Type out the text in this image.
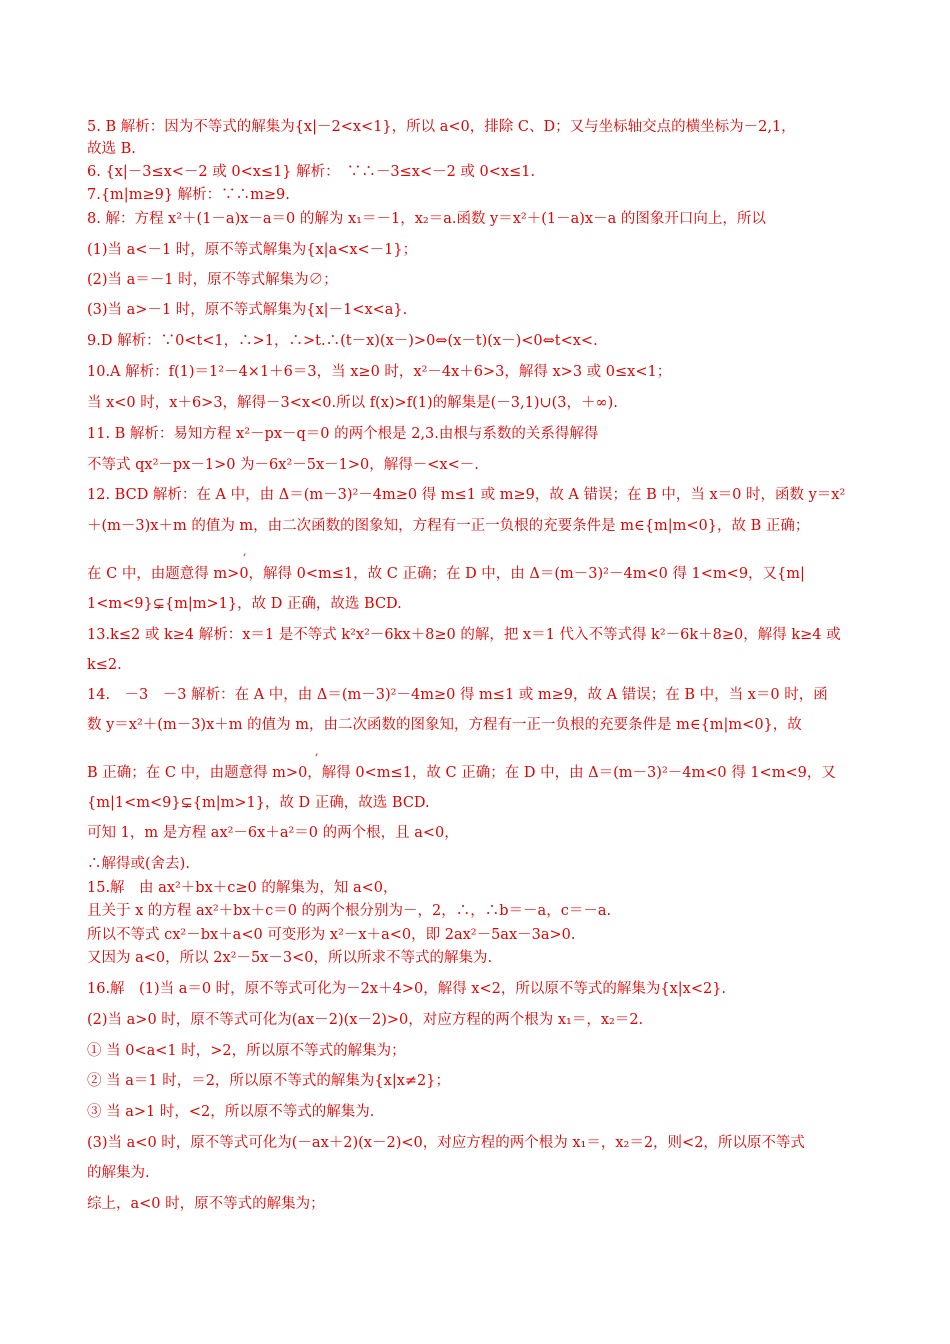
5. B 解析：因为不等式的解集为{x|－2<x<1}，所以 a<0，排除 C、D；又与坐标轴交点的横坐标为－2,1，
故选 B.
6. {x|－3≤x<－2 或 0<x≤1} 解析：　∵∴－3≤x<－2 或 0<x≤1.
7.{m|m≥9} 解析：∵∴m≥9.
8. 解：方程 x²＋(1－a)x－a＝0 的解为 x₁＝－1，x₂＝a.函数 y＝x²＋(1－a)x－a 的图象开口向上，所以
(1)当 a<－1 时，原不等式解集为{x|a<x<－1}；
(2)当 a＝－1 时，原不等式解集为∅；
(3)当 a>－1 时，原不等式解集为{x|－1<x<a}.
9.D 解析：∵0<t<1，∴>1，∴>t.∴(t－x)(x－)>0⇔(x－t)(x－)<0⇔t<x<.
10.A 解析：f(1)＝1²－4×1＋6＝3，当 x≥0 时，x²－4x＋6>3，解得 x>3 或 0≤x<1；
当 x<0 时，x＋6>3，解得－3<x<0.所以 f(x)>f(1)的解集是(－3,1)∪(3，＋∞).
11. B 解析：易知方程 x²－px－q＝0 的两个根是 2,3.由根与系数的关系得解得
不等式 qx²－px－1>0 为－6x²－5x－1>0，解得－<x<－.
12. BCD 解析：在 A 中，由 Δ＝(m－3)²－4m≥0 得 m≤1 或 m≥9，故 A 错误；在 B 中，当 x＝0 时，函数 y＝x²
＋(m－3)x＋m 的值为 m，由二次函数的图象知，方程有一正一负根的充要条件是 m∈{m|m<0}，故 B 正确；
,
在 C 中，由题意得 m>0，解得 0<m≤1，故 C 正确；在 D 中，由 Δ＝(m－3)²－4m<0 得 1<m<9，又{m|
1<m<9}⊊{m|m>1}，故 D 正确，故选 BCD.
13.k≤2 或 k≥4 解析：x＝1 是不等式 k²x²－6kx＋8≥0 的解，把 x＝1 代入不等式得 k²－6k＋8≥0，解得 k≥4 或
k≤2.
14.　－3　－3 解析：在 A 中，由 Δ＝(m－3)²－4m≥0 得 m≤1 或 m≥9，故 A 错误；在 B 中，当 x＝0 时，函
数 y＝x²＋(m－3)x＋m 的值为 m，由二次函数的图象知，方程有一正一负根的充要条件是 m∈{m|m<0}，故
,
B 正确；在 C 中，由题意得 m>0，解得 0<m≤1，故 C 正确；在 D 中，由 Δ＝(m－3)²－4m<0 得 1<m<9，又
{m|1<m<9}⊊{m|m>1}，故 D 正确，故选 BCD.
可知 1，m 是方程 ax²－6x＋a²＝0 的两个根，且 a<0，
∴解得或(舍去).
15.解　由 ax²＋bx＋c≥0 的解集为，知 a<0，
且关于 x 的方程 ax²＋bx＋c＝0 的两个根分别为－，2，∴，∴b＝－a，c＝－a.
所以不等式 cx²－bx＋a<0 可变形为 x²－x＋a<0，即 2ax²－5ax－3a>0.
又因为 a<0，所以 2x²－5x－3<0，所以所求不等式的解集为.
16.解　(1)当 a＝0 时，原不等式可化为－2x＋4>0，解得 x<2，所以原不等式的解集为{x|x<2}.
(2)当 a>0 时，原不等式可化为(ax－2)(x－2)>0，对应方程的两个根为 x₁＝，x₂＝2.
① 当 0<a<1 时，>2，所以原不等式的解集为；
② 当 a＝1 时，＝2，所以原不等式的解集为{x|x≠2}；
③ 当 a>1 时，<2，所以原不等式的解集为.
(3)当 a<0 时，原不等式可化为(－ax＋2)(x－2)<0，对应方程的两个根为 x₁＝，x₂＝2，则<2，所以原不等式
的解集为.
综上，a<0 时，原不等式的解集为；
